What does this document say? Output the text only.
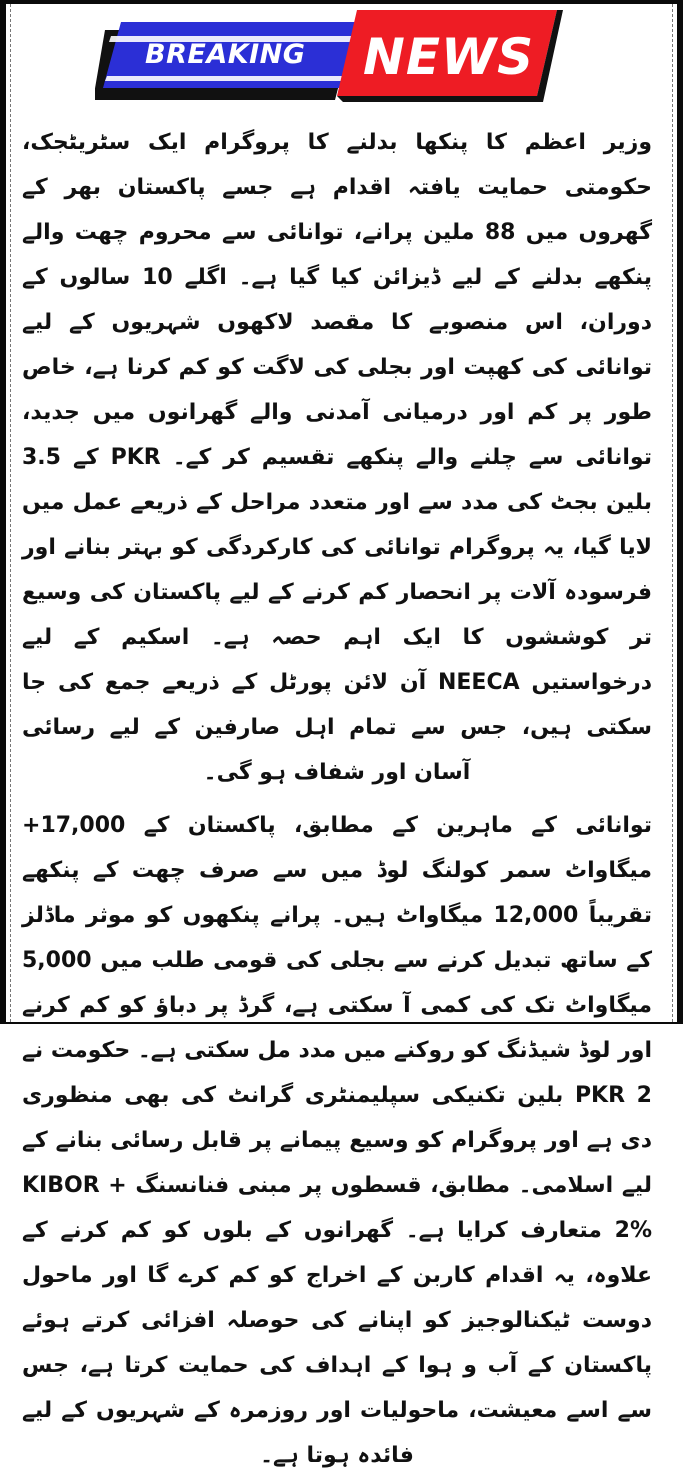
BREAKING NEWS

وزیر اعظم کا پنکھا بدلنے کا پروگرام ایک سٹریٹجک، حکومتی حمایت یافتہ اقدام ہے جسے پاکستان بھر کے گھروں میں 88 ملین پرانے، توانائی سے محروم چھت والے پنکھے بدلنے کے لیے ڈیزائن کیا گیا ہے۔ اگلے 10 سالوں کے دوران، اس منصوبے کا مقصد لاکھوں شہریوں کے لیے توانائی کی کھپت اور بجلی کی لاگت کو کم کرنا ہے، خاص طور پر کم اور درمیانی آمدنی والے گھرانوں میں جدید، توانائی سے چلنے والے پنکھے تقسیم کر کے۔ PKR کے 3.5 بلین بجٹ کی مدد سے اور متعدد مراحل کے ذریعے عمل میں لایا گیا، یہ پروگرام توانائی کی کارکردگی کو بہتر بنانے اور فرسودہ آلات پر انحصار کم کرنے کے لیے پاکستان کی وسیع تر کوششوں کا ایک اہم حصہ ہے۔ اسکیم کے لیے درخواستیں NEECA آن لائن پورٹل کے ذریعے جمع کی جا سکتی ہیں، جس سے تمام اہل صارفین کے لیے رسائی آسان اور شفاف ہو گی۔

توانائی کے ماہرین کے مطابق، پاکستان کے 17,000+ میگاواٹ سمر کولنگ لوڈ میں سے صرف چھت کے پنکھے تقریباً 12,000 میگاواٹ ہیں۔ پرانے پنکھوں کو موثر ماڈلز کے ساتھ تبدیل کرنے سے بجلی کی قومی طلب میں 5,000 میگاواٹ تک کی کمی آ سکتی ہے، گرڈ پر دباؤ کو کم کرنے اور لوڈ شیڈنگ کو روکنے میں مدد مل سکتی ہے۔ حکومت نے PKR 2 بلین تکنیکی سپلیمنٹری گرانٹ کی بھی منظوری دی ہے اور پروگرام کو وسیع پیمانے پر قابل رسائی بنانے کے لیے اسلامی۔ مطابق، قسطوں پر مبنی فنانسنگ KIBOR + 2% متعارف کرایا ہے۔ گھرانوں کے بلوں کو کم کرنے کے علاوہ، یہ اقدام کاربن کے اخراج کو کم کرے گا اور ماحول دوست ٹیکنالوجیز کو اپنانے کی حوصلہ افزائی کرتے ہوئے پاکستان کے آب و ہوا کے اہداف کی حمایت کرتا ہے، جس سے اسے معیشت، ماحولیات اور روزمرہ کے شہریوں کے لیے فائدہ ہوتا ہے۔
